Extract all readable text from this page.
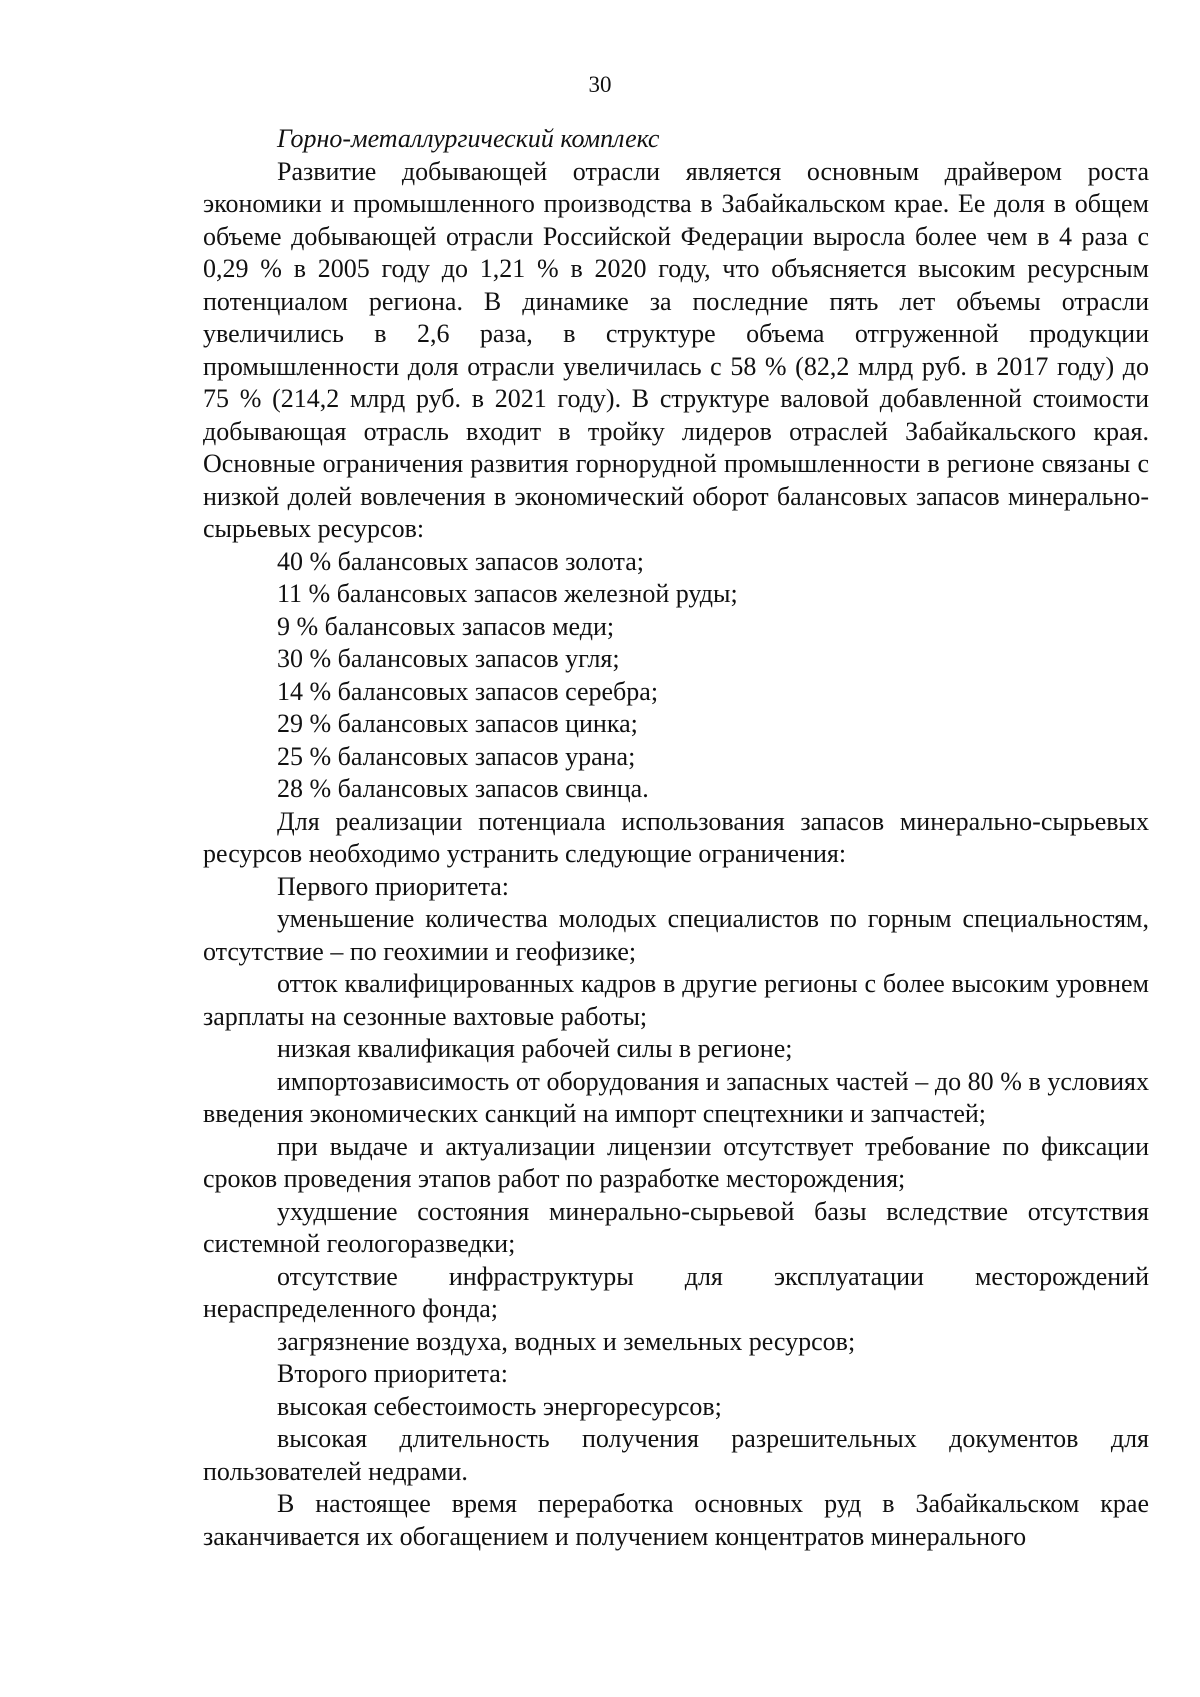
30

Горно-металлургический комплекс

Развитие добывающей отрасли является основным драйвером роста экономики и промышленного производства в Забайкальском крае. Ее доля в общем объеме добывающей отрасли Российской Федерации выросла более чем в 4 раза с 0,29 % в 2005 году до 1,21 % в 2020 году, что объясняется высоким ресурсным потенциалом региона. В динамике за последние пять лет объемы отрасли увеличились в 2,6 раза, в структуре объема отгруженной продукции промышленности доля отрасли увеличилась с 58 % (82,2 млрд руб. в 2017 году) до 75 % (214,2 млрд руб. в 2021 году). В структуре валовой добавленной стоимости добывающая отрасль входит в тройку лидеров отраслей Забайкальского края. Основные ограничения развития горнорудной промышленности в регионе связаны с низкой долей вовлечения в экономический оборот балансовых запасов минерально-сырьевых ресурсов:

40 % балансовых запасов золота;

11 % балансовых запасов железной руды;

9 % балансовых запасов меди;

30 % балансовых запасов угля;

14 % балансовых запасов серебра;

29 % балансовых запасов цинка;

25 % балансовых запасов урана;

28 % балансовых запасов свинца.

Для реализации потенциала использования запасов минерально-сырьевых ресурсов необходимо устранить следующие ограничения:

Первого приоритета:

уменьшение количества молодых специалистов по горным специальностям, отсутствие – по геохимии и геофизике;

отток квалифицированных кадров в другие регионы с более высоким уровнем зарплаты на сезонные вахтовые работы;

низкая квалификация рабочей силы в регионе;

импортозависимость от оборудования и запасных частей – до 80 % в условиях введения экономических санкций на импорт спецтехники и запчастей;

при выдаче и актуализации лицензии отсутствует требование по фиксации сроков проведения этапов работ по разработке месторождения;

ухудшение состояния минерально-сырьевой базы вследствие отсутствия системной геологоразведки;

отсутствие инфраструктуры для эксплуатации месторождений нераспределенного фонда;

загрязнение воздуха, водных и земельных ресурсов;

Второго приоритета:

высокая себестоимость энергоресурсов;

высокая длительность получения разрешительных документов для пользователей недрами.

В настоящее время переработка основных руд в Забайкальском крае заканчивается их обогащением и получением концентратов минерального
